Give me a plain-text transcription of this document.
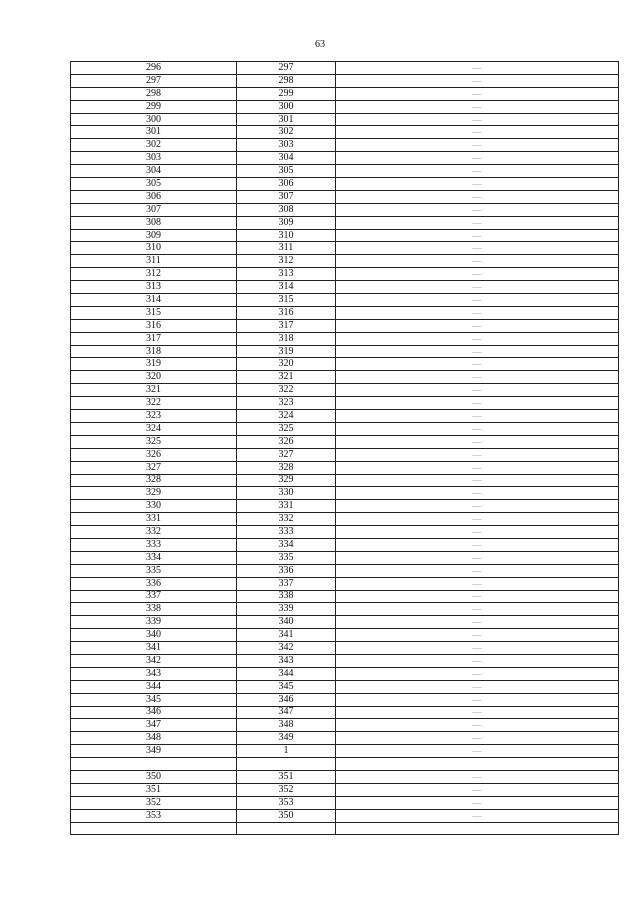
63
296	297	—
297	298	—
298	299	—
299	300	—
300	301	—
301	302	—
302	303	—
303	304	—
304	305	—
305	306	—
306	307	—
307	308	—
308	309	—
309	310	—
310	311	—
311	312	—
312	313	—
313	314	—
314	315	—
315	316	—
316	317	—
317	318	—
318	319	—
319	320	—
320	321	—
321	322	—
322	323	—
323	324	—
324	325	—
325	326	—
326	327	—
327	328	—
328	329	—
329	330	—
330	331	—
331	332	—
332	333	—
333	334	—
334	335	—
335	336	—
336	337	—
337	338	—
338	339	—
339	340	—
340	341	—
341	342	—
342	343	—
343	344	—
344	345	—
345	346	—
346	347	—
347	348	—
348	349	—
349	1	—

350	351	—
351	352	—
352	353	—
353	350	—
